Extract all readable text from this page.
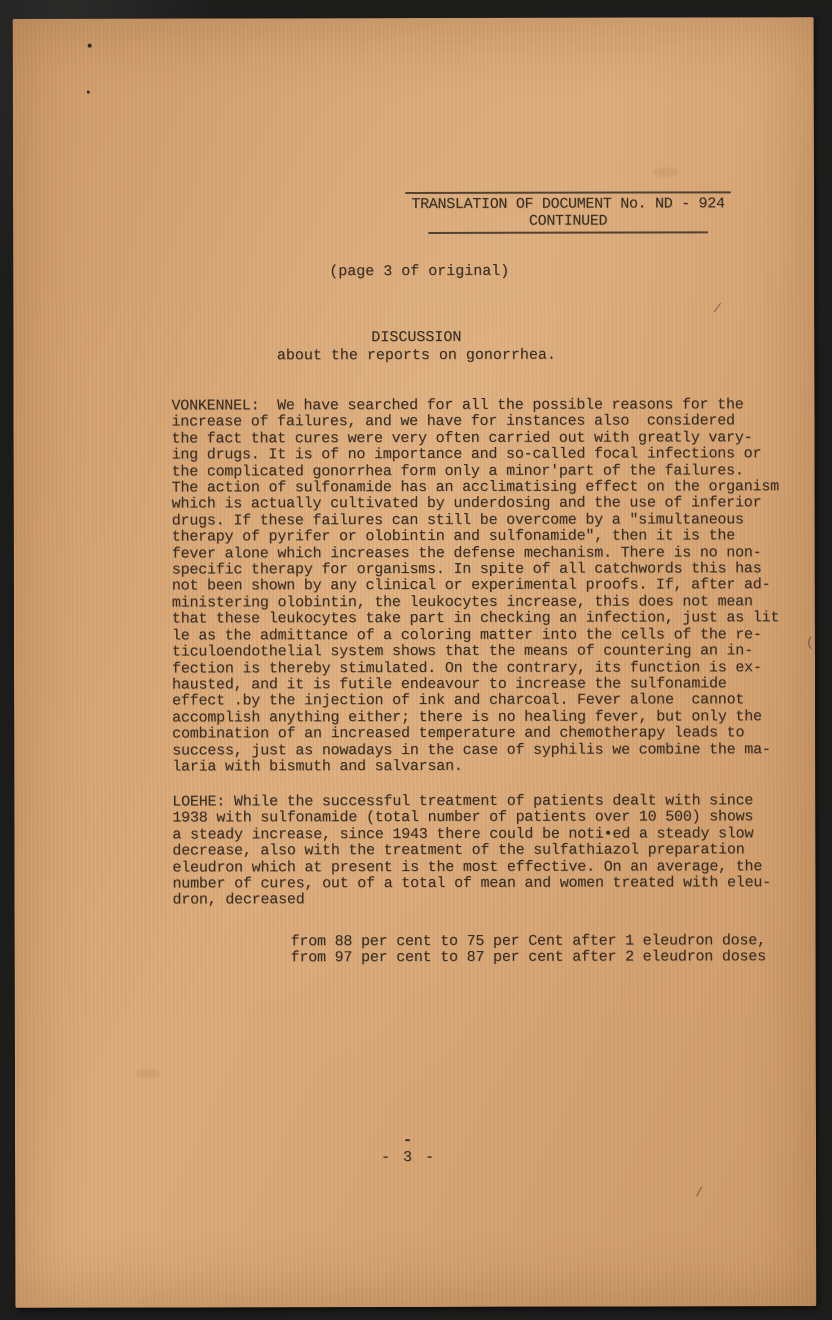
TRANSLATION OF DOCUMENT No. ND - 924
CONTINUED
(page 3 of original)
DISCUSSION
about the reports on gonorrhea.
VONKENNEL:  We have searched for all the possible reasons for the
increase of failures, and we have for instances also  considered
the fact that cures were very often carried out with greatly vary-
ing drugs. It is of no importance and so-called focal infections or
the complicated gonorrhea form only a minor'part of the failures.
The action of sulfonamide has an acclimatising effect on the organism
which is actually cultivated by underdosing and the use of inferior
drugs. If these failures can still be overcome by a "simultaneous
therapy of pyrifer or olobintin and sulfonamide", then it is the
fever alone which increases the defense mechanism. There is no non-
specific therapy for organisms. In spite of all catchwords this has
not been shown by any clinical or experimental proofs. If, after ad-
ministering olobintin, the leukocytes increase, this does not mean
that these leukocytes take part in checking an infection, just as lit
le as the admittance of a coloring matter into the cells of the re-
ticuloendothelial system shows that the means of countering an in-
fection is thereby stimulated. On the contrary, its function is ex-
hausted, and it is futile endeavour to increase the sulfonamide
effect .by the injection of ink and charcoal. Fever alone  cannot
accomplish anything either; there is no healing fever, but only the
combination of an increased temperature and chemotherapy leads to
success, just as nowadays in the case of syphilis we combine the ma-
laria with bismuth and salvarsan.
LOEHE: While the successful treatment of patients dealt with since
1938 with sulfonamide (total number of patients over 10 500) shows
a steady increase, since 1943 there could be noti•ed a steady slow
decrease, also with the treatment of the sulfathiazol preparation
eleudron which at present is the most effective. On an average, the
number of cures, out of a total of mean and women treated with eleu-
dron, decreased
from 88 per cent to 75 per Cent after 1 eleudron dose,
from 97 per cent to 87 per cent after 2 eleudron doses
-
- 3 -
/
(
/
